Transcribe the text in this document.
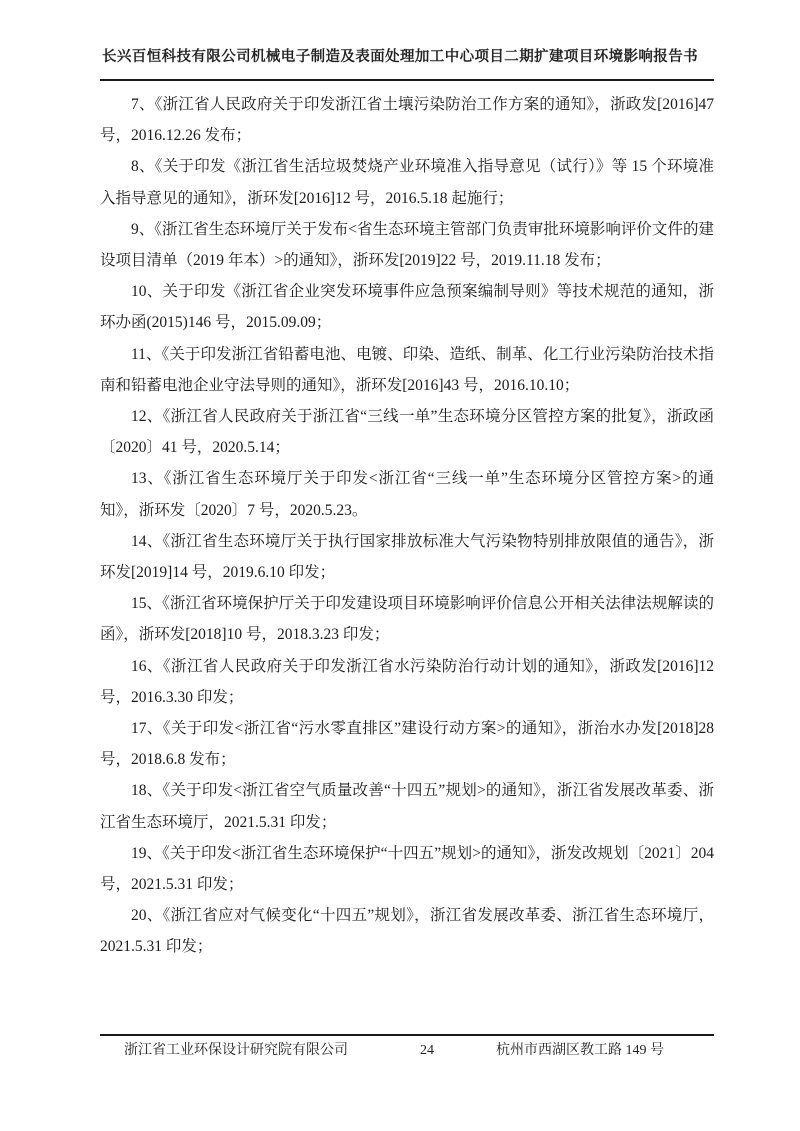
长兴百恒科技有限公司机械电子制造及表面处理加工中心项目二期扩建项目环境影响报告书

7、《浙江省人民政府关于印发浙江省土壤污染防治工作方案的通知》，浙政发[2016]47 号，2016.12.26 发布；

8、《关于印发《浙江省生活垃圾焚烧产业环境准入指导意见（试行）》等 15 个环境准入指导意见的通知》，浙环发[2016]12 号，2016.5.18 起施行；

9、《浙江省生态环境厅关于发布<省生态环境主管部门负责审批环境影响评价文件的建设项目清单（2019 年本）>的通知》，浙环发[2019]22 号，2019.11.18 发布；

10、关于印发《浙江省企业突发环境事件应急预案编制导则》等技术规范的通知，浙环办函(2015)146 号，2015.09.09；

11、《关于印发浙江省铅蓄电池、电镀、印染、造纸、制革、化工行业污染防治技术指南和铅蓄电池企业守法导则的通知》，浙环发[2016]43 号，2016.10.10；

12、《浙江省人民政府关于浙江省“三线一单”生态环境分区管控方案的批复》，浙政函〔2020〕41 号，2020.5.14；

13、《浙江省生态环境厅关于印发<浙江省“三线一单”生态环境分区管控方案>的通知》，浙环发〔2020〕7 号，2020.5.23。

14、《浙江省生态环境厅关于执行国家排放标准大气污染物特别排放限值的通告》，浙环发[2019]14 号，2019.6.10 印发；

15、《浙江省环境保护厅关于印发建设项目环境影响评价信息公开相关法律法规解读的函》，浙环发[2018]10 号，2018.3.23 印发；

16、《浙江省人民政府关于印发浙江省水污染防治行动计划的通知》，浙政发[2016]12 号，2016.3.30 印发；

17、《关于印发<浙江省“污水零直排区”建设行动方案>的通知》，浙治水办发[2018]28 号，2018.6.8 发布；

18、《关于印发<浙江省空气质量改善“十四五”规划>的通知》，浙江省发展改革委、浙江省生态环境厅，2021.5.31 印发；

19、《关于印发<浙江省生态环境保护“十四五”规划>的通知》，浙发改规划〔2021〕204 号，2021.5.31 印发；

20、《浙江省应对气候变化“十四五”规划》，浙江省发展改革委、浙江省生态环境厅，2021.5.31 印发；

浙江省工业环保设计研究院有限公司	24	杭州市西湖区教工路 149 号
